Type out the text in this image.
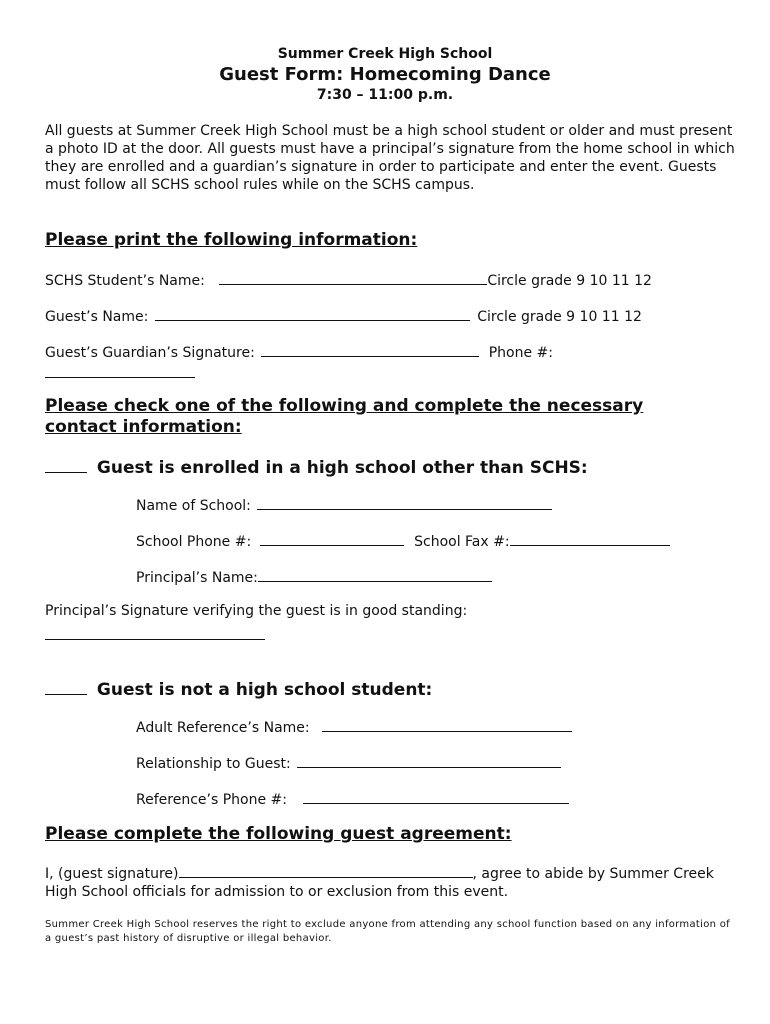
Summer Creek High School
Guest Form: Homecoming Dance
7:30 – 11:00 p.m.
All guests at Summer Creek High School must be a high school student or older and must present a photo ID at the door. All guests must have a principal’s signature from the home school in which they are enrolled and a guardian’s signature in order to participate and enter the event. Guests must follow all SCHS school rules while on the SCHS campus.
Please print the following information:
SCHS Student’s Name:	Circle grade 9 10 11 12
Guest’s Name:	Circle grade 9 10 11 12
Guest’s Guardian’s Signature:	Phone #:
Please check one of the following and complete the necessary contact information:
Guest is enrolled in a high school other than SCHS:
Name of School:
School Phone #:	School Fax #:
Principal’s Name:
Principal’s Signature verifying the guest is in good standing:
Guest is not a high school student:
Adult Reference’s Name:
Relationship to Guest:
Reference’s Phone #:
Please complete the following guest agreement:
I, (guest signature)	, agree to abide by Summer Creek High School officials for admission to or exclusion from this event.
Summer Creek High School reserves the right to exclude anyone from attending any school function based on any information of a guest’s past history of disruptive or illegal behavior.
